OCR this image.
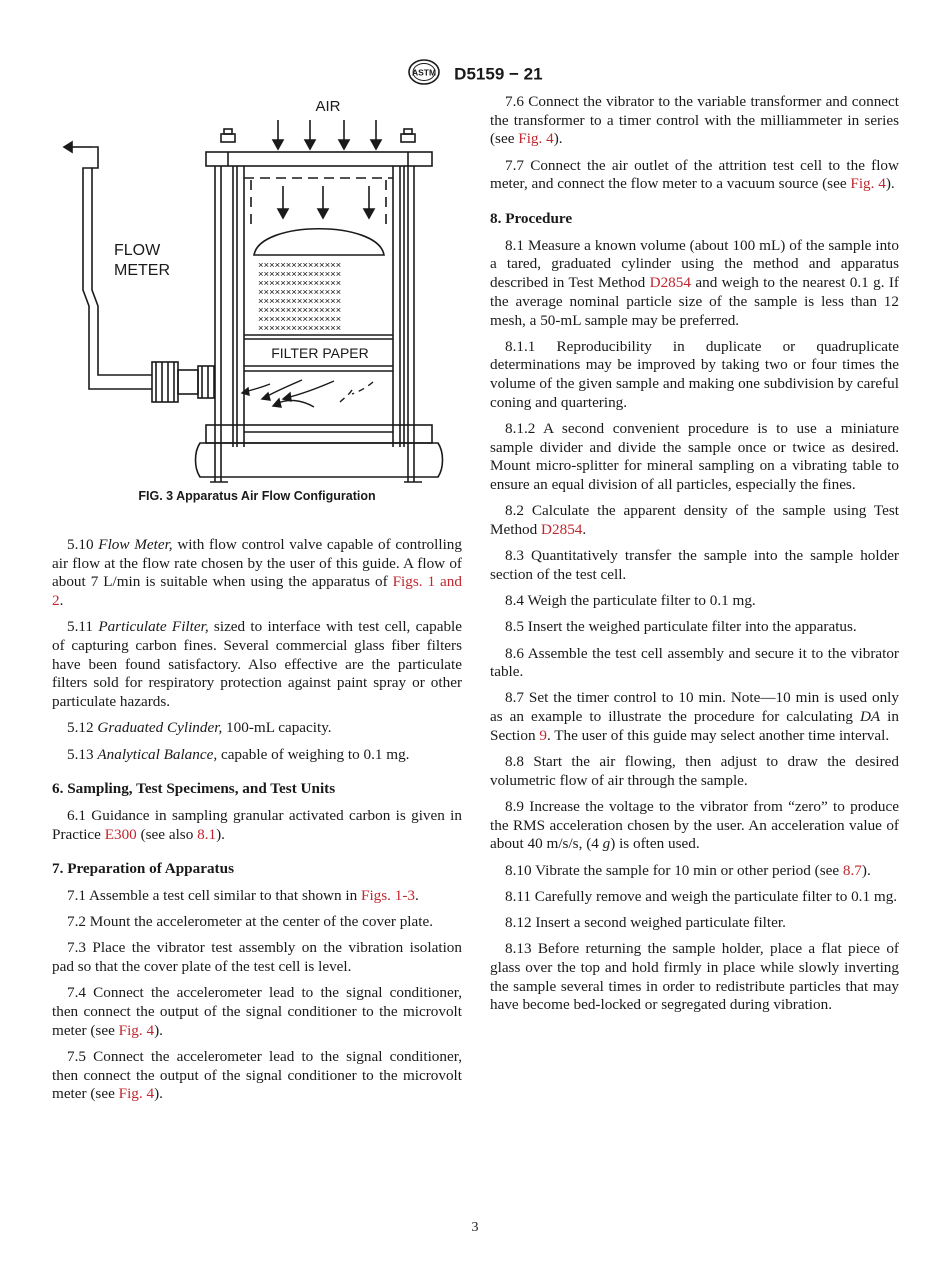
ASTM D5159 − 21
AIR
×××××××××××××××
×××××××××××××××
×××××××××××××××
×××××××××××××××
×××××××××××××××
×××××××××××××××
×××××××××××××××
×××××××××××××××
FILTER PAPER
FLOW
METER
FIG. 3 Apparatus Air Flow Configuration

5.10 Flow Meter, with flow control valve capable of controlling air flow at the flow rate chosen by the user of this guide. A flow of about 7 L/min is suitable when using the apparatus of Figs. 1 and 2.

5.11 Particulate Filter, sized to interface with test cell, capable of capturing carbon fines. Several commercial glass fiber filters have been found satisfactory. Also effective are the particulate filters sold for respiratory protection against paint spray or other particulate hazards.

5.12 Graduated Cylinder, 100-mL capacity.

5.13 Analytical Balance, capable of weighing to 0.1 mg.

6. Sampling, Test Specimens, and Test Units

6.1 Guidance in sampling granular activated carbon is given in Practice E300 (see also 8.1).

7. Preparation of Apparatus

7.1 Assemble a test cell similar to that shown in Figs. 1-3.

7.2 Mount the accelerometer at the center of the cover plate.

7.3 Place the vibrator test assembly on the vibration isolation pad so that the cover plate of the test cell is level.

7.4 Connect the accelerometer lead to the signal conditioner, then connect the output of the signal conditioner to the microvolt meter (see Fig. 4).

7.5 Connect the accelerometer lead to the signal conditioner, then connect the output of the signal conditioner to the microvolt meter (see Fig. 4).

7.6 Connect the vibrator to the variable transformer and connect the transformer to a timer control with the milliammeter in series (see Fig. 4).

7.7 Connect the air outlet of the attrition test cell to the flow meter, and connect the flow meter to a vacuum source (see Fig. 4).

8. Procedure

8.1 Measure a known volume (about 100 mL) of the sample into a tared, graduated cylinder using the method and apparatus described in Test Method D2854 and weigh to the nearest 0.1 g. If the average nominal particle size of the sample is less than 12 mesh, a 50-mL sample may be preferred.

8.1.1 Reproducibility in duplicate or quadruplicate determinations may be improved by taking two or four times the volume of the given sample and making one subdivision by careful coning and quartering.

8.1.2 A second convenient procedure is to use a miniature sample divider and divide the sample once or twice as desired. Mount micro-splitter for mineral sampling on a vibrating table to ensure an equal division of all particles, especially the fines.

8.2 Calculate the apparent density of the sample using Test Method D2854.

8.3 Quantitatively transfer the sample into the sample holder section of the test cell.

8.4 Weigh the particulate filter to 0.1 mg.

8.5 Insert the weighed particulate filter into the apparatus.

8.6 Assemble the test cell assembly and secure it to the vibrator table.

8.7 Set the timer control to 10 min. Note—10 min is used only as an example to illustrate the procedure for calculating DA in Section 9. The user of this guide may select another time interval.

8.8 Start the air flowing, then adjust to draw the desired volumetric flow of air through the sample.

8.9 Increase the voltage to the vibrator from “zero” to produce the RMS acceleration chosen by the user. An acceleration value of about 40 m/s/s, (4 g) is often used.

8.10 Vibrate the sample for 10 min or other period (see 8.7).

8.11 Carefully remove and weigh the particulate filter to 0.1 mg.

8.12 Insert a second weighed particulate filter.

8.13 Before returning the sample holder, place a flat piece of glass over the top and hold firmly in place while slowly inverting the sample several times in order to redistribute particles that may have become bed-locked or segregated during vibration.

3
